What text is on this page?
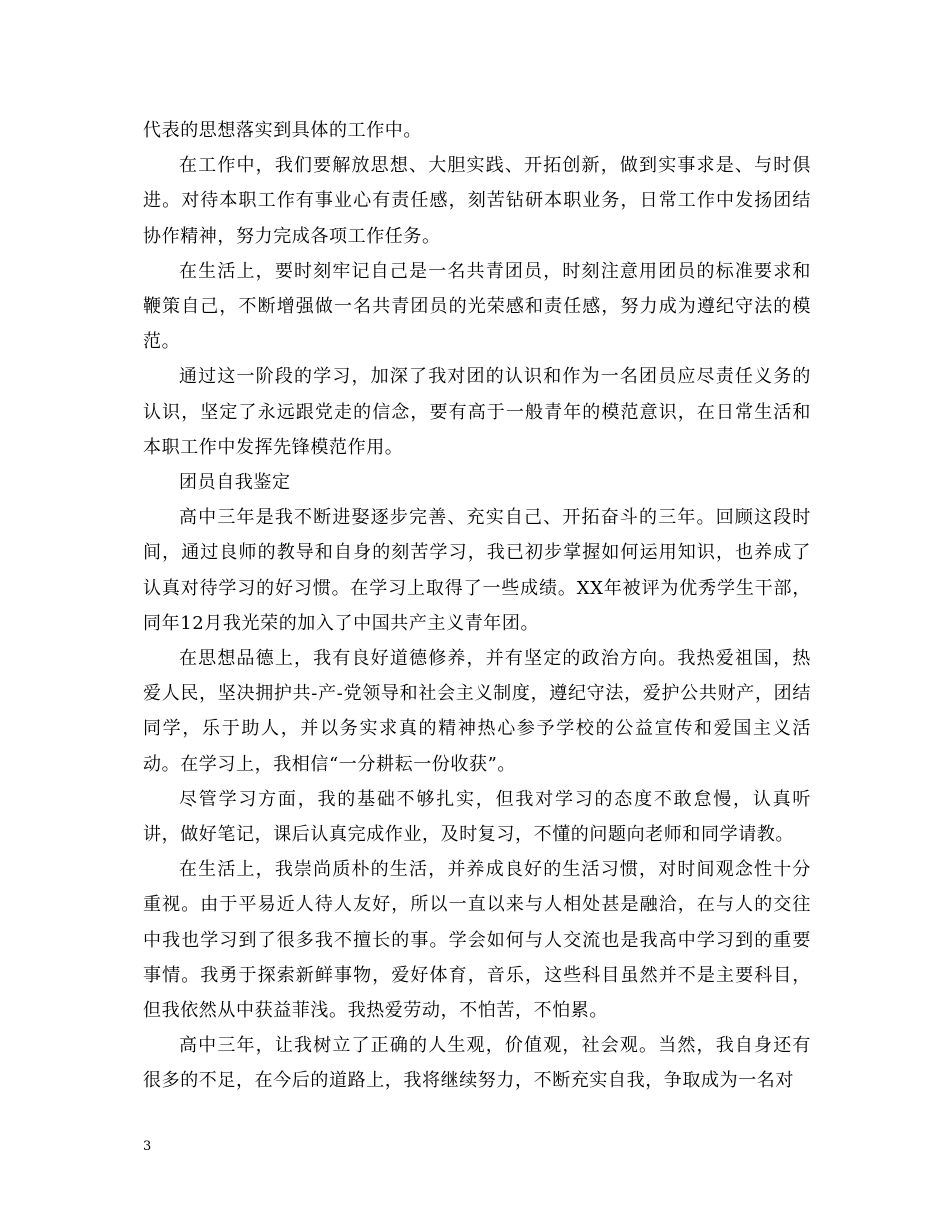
代表的思想落实到具体的工作中。

在工作中，我们要解放思想、大胆实践、开拓创新，做到实事求是、与时俱进。对待本职工作有事业心有责任感，刻苦钻研本职业务，日常工作中发扬团结协作精神，努力完成各项工作任务。

在生活上，要时刻牢记自己是一名共青团员，时刻注意用团员的标准要求和鞭策自己，不断增强做一名共青团员的光荣感和责任感，努力成为遵纪守法的模范。

通过这一阶段的学习，加深了我对团的认识和作为一名团员应尽责任义务的认识，坚定了永远跟党走的信念，要有高于一般青年的模范意识，在日常生活和本职工作中发挥先锋模范作用。

团员自我鉴定

高中三年是我不断进娶逐步完善、充实自己、开拓奋斗的三年。回顾这段时间，通过良师的教导和自身的刻苦学习，我已初步掌握如何运用知识，也养成了认真对待学习的好习惯。在学习上取得了一些成绩。XX年被评为优秀学生干部，同年12月我光荣的加入了中国共产主义青年团。

在思想品德上，我有良好道德修养，并有坚定的政治方向。我热爱祖国，热爱人民，坚决拥护共-产-党领导和社会主义制度，遵纪守法，爱护公共财产，团结同学，乐于助人，并以务实求真的精神热心参予学校的公益宣传和爱国主义活动。在学习上，我相信“一分耕耘一份收获”。

尽管学习方面，我的基础不够扎实，但我对学习的态度不敢怠慢，认真听讲，做好笔记，课后认真完成作业，及时复习，不懂的问题向老师和同学请教。

在生活上，我崇尚质朴的生活，并养成良好的生活习惯，对时间观念性十分重视。由于平易近人待人友好，所以一直以来与人相处甚是融洽，在与人的交往中我也学习到了很多我不擅长的事。学会如何与人交流也是我高中学习到的重要事情。我勇于探索新鲜事物，爱好体育，音乐，这些科目虽然并不是主要科目，但我依然从中获益菲浅。我热爱劳动，不怕苦，不怕累。

高中三年，让我树立了正确的人生观，价值观，社会观。当然，我自身还有很多的不足，在今后的道路上，我将继续努力，不断充实自我，争取成为一名对

3
